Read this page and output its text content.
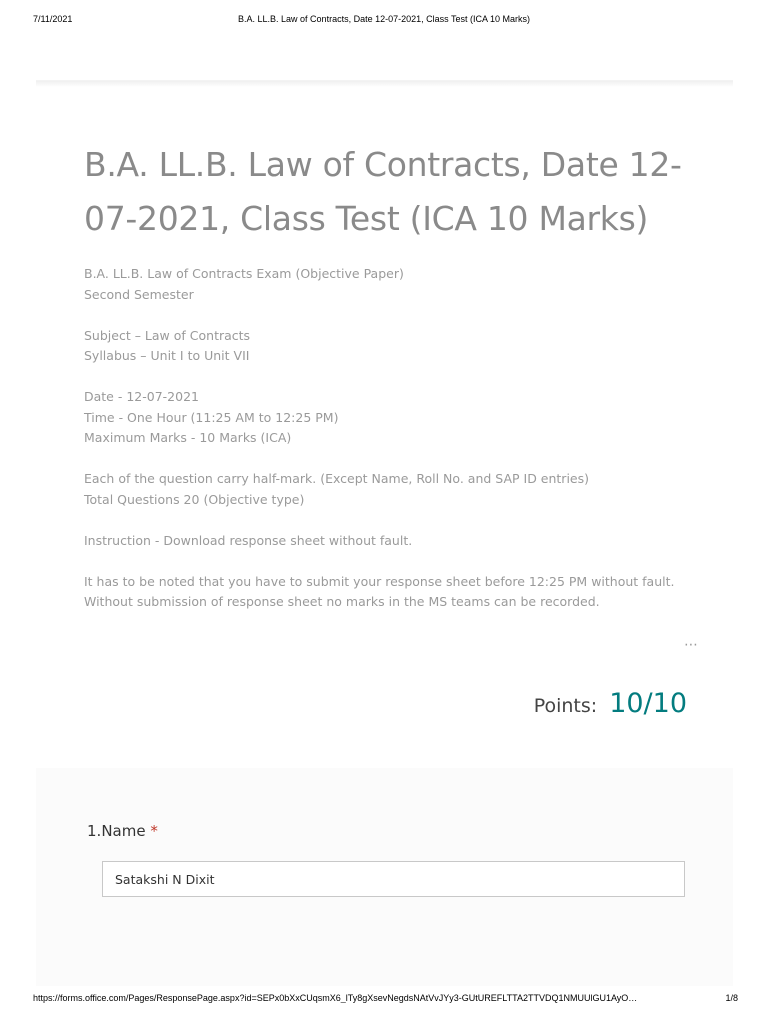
7/11/2021	B.A. LL.B. Law of Contracts, Date 12-07-2021, Class Test (ICA 10 Marks)
B.A. LL.B. Law of Contracts, Date 12-07-2021, Class Test (ICA 10 Marks)

B.A. LL.B. Law of Contracts Exam (Objective Paper)
Second Semester

Subject – Law of Contracts
Syllabus – Unit I to Unit VII

Date - 12-07-2021
Time - One Hour (11:25 AM to 12:25 PM)
Maximum Marks - 10 Marks (ICA)

Each of the question carry half-mark. (Except Name, Roll No. and SAP ID entries)
Total Questions 20 (Objective type)

Instruction - Download response sheet without fault.

It has to be noted that you have to submit your response sheet before 12:25 PM without fault.
Without submission of response sheet no marks in the MS teams can be recorded.

⋯
Points: 10/10
1.Name *
Satakshi N Dixit
https://forms.office.com/Pages/ResponsePage.aspx?id=SEPx0bXxCUqsmX6_lTy8gXsevNegdsNAtVvJYy3-GUtUREFLTTA2TTVDQ1NMUUlGU1AyO…	1/8
